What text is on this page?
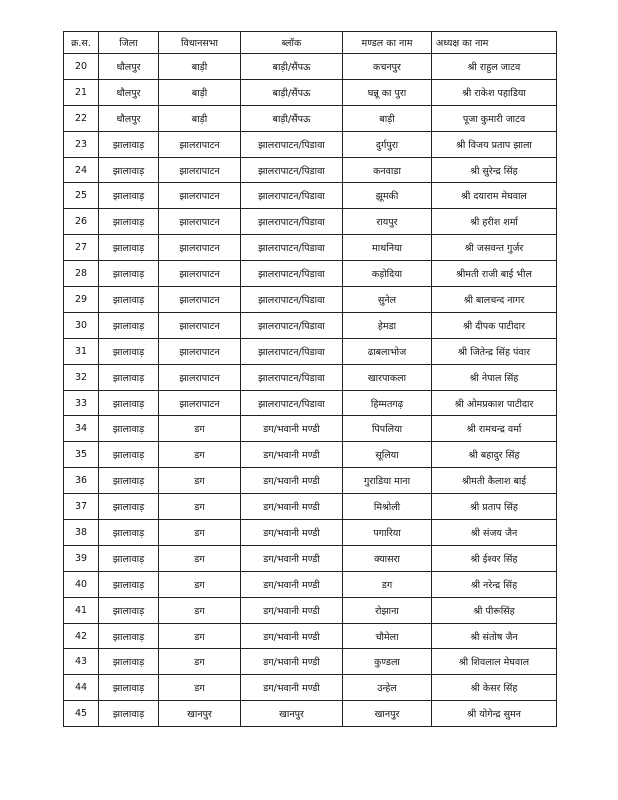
क्र.स.	जिला	विधानसभा	ब्लॉक	मण्डल का नाम	अध्यक्ष का नाम
20	धौलपुर	बाड़ी	बाड़ी/सैंपऊ	कचनपुर	श्री राहुल जाटव
21	धौलपुर	बाड़ी	बाड़ी/सैंपऊ	घन्नू का पुरा	श्री राकेश पहाडिया
22	धौलपुर	बाड़ी	बाड़ी/सैंपऊ	बाड़ी	पूजा कुमारी जाटव
23	झालावाड़	झालरापाटन	झालरापाटन/पिडावा	दुर्गपुरा	श्री विजय प्रताप झाला
24	झालावाड़	झालरापाटन	झालरापाटन/पिडावा	कनवाडा	श्री सुरेन्द्र सिंह
25	झालावाड़	झालरापाटन	झालरापाटन/पिडावा	झूमकी	श्री दयाराम मेघवाल
26	झालावाड़	झालरापाटन	झालरापाटन/पिडावा	रायपुर	श्री हरीश शर्मा
27	झालावाड़	झालरापाटन	झालरापाटन/पिडावा	माथनिया	श्री जसवन्त गुर्जर
28	झालावाड़	झालरापाटन	झालरापाटन/पिडावा	कड़ोदिया	श्रीमती राजी बाई भील
29	झालावाड़	झालरापाटन	झालरापाटन/पिडावा	सुनेल	श्री बालचन्द नागर
30	झालावाड़	झालरापाटन	झालरापाटन/पिडावा	हेमडा	श्री दीपक पाटीदार
31	झालावाड़	झालरापाटन	झालरापाटन/पिडावा	ढाबलाभोज	श्री जितेन्द्र सिंह पंवार
32	झालावाड़	झालरापाटन	झालरापाटन/पिडावा	खारपाकला	श्री नेपाल सिंह
33	झालावाड़	झालरापाटन	झालरापाटन/पिडावा	हिम्मतगढ़	श्री ओमप्रकाश पाटीदार
34	झालावाड़	डग	डग/भवानी मण्डी	पिपलिया	श्री रामचन्द्र वर्मा
35	झालावाड़	डग	डग/भवानी मण्डी	सूलिया	श्री बहादुर सिंह
36	झालावाड़	डग	डग/भवानी मण्डी	गुराडिया माना	श्रीमती कैलाश बाई
37	झालावाड़	डग	डग/भवानी मण्डी	मिश्रोली	श्री प्रताप सिंह
38	झालावाड़	डग	डग/भवानी मण्डी	पगारिया	श्री संजय जैन
39	झालावाड़	डग	डग/भवानी मण्डी	क्यासरा	श्री ईश्वर सिंह
40	झालावाड़	डग	डग/भवानी मण्डी	डग	श्री नरेन्द्र सिंह
41	झालावाड़	डग	डग/भवानी मण्डी	रोझाना	श्री पीरूसिंह
42	झालावाड़	डग	डग/भवानी मण्डी	चौमेला	श्री संतोष जैन
43	झालावाड़	डग	डग/भवानी मण्डी	कुण्डला	श्री शिवलाल मेघवाल
44	झालावाड़	डग	डग/भवानी मण्डी	उन्हेल	श्री केसर सिंह
45	झालावाड़	खानपुर	खानपुर	खानपुर	श्री योगेन्द्र सुमन
